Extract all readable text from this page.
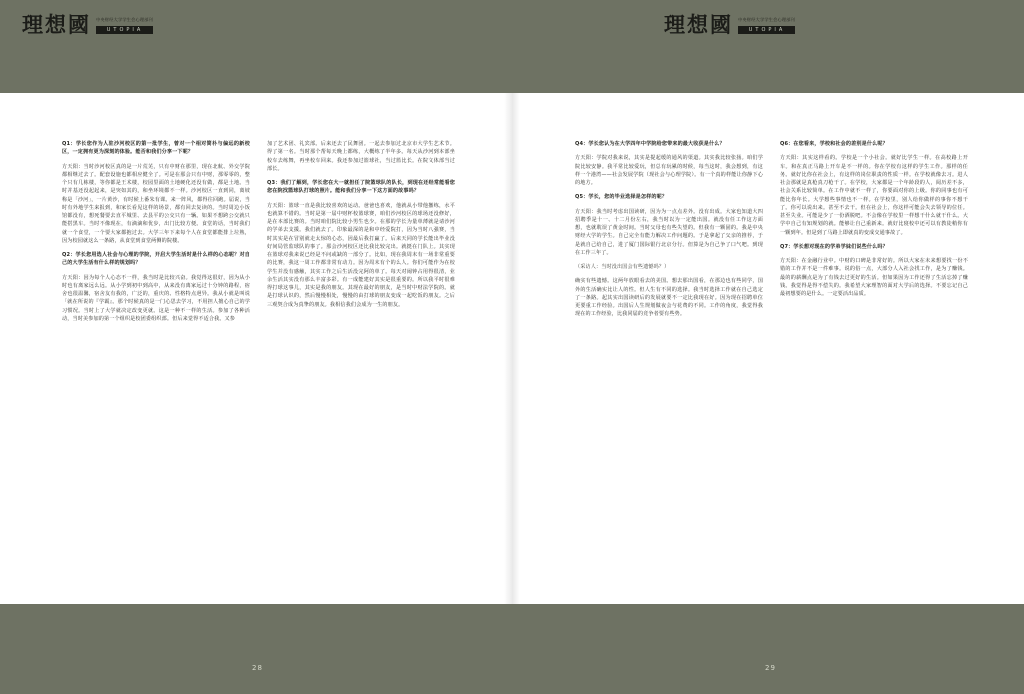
理想國 中央财经大学学生会心理部刊
UTOPIA	理想國 中央财经大学学生会心理部刊
UTOPIA

Q1：学长您作为人驻沙河校区的第一批学生，曾对一个相对简朴与偏远的新校区，一定拥有更为深刻的体验。能否和我们分享一下呢？

方天阳：当时沙河校区真的是一片荒芜，只有中财在那里，现在北航、外交学院都相继过去了。配套设施也都相应健全了。可是在那会只有中财，那零零的，整个只有几栋楼，等你都是王术楼，校园里面的土地硬化还没有做，都是土地。当时并基还没起起来，是突如其的，和坐环境都不一样。沙河校区一直到同，离坡称是「沙河」，一片黄沙，有时候上番朱有课。来一阵风，都得往回跑。届说，当时有外地学生来报到，和家长看见这样的场景，都有回去复读的。当时周边小饭馆都没有，想死餐要去直平城里、去县平的公交只有一辆。如果不想跨公交就只能搭黑车。当时不像现在，有滴滴和优步，出门比较方便。食堂的话，当时我们就一个食堂，一个要大家都抱过去。大学三年下来每个人在食堂都能排上垃熟，因为校园就这么一条路，从食堂到食堂两侧的院楼。

Q2：学长您用选人社会与心理的学院，开启大学生活时是什么样的心态呢？对自己的大学生活有什么样的规划吗？

方天阳：因为每个人心态不一样，我当时是比较兴奋。我觉得这很好，因为从小时也有离家远么远。从小学到初中到高中，从来没有离家远过十分钟的路程，宿舍也很温馨，宿舍友有我的，广泛的，重庆的、性格特点迥异。我从小就是叫说「就在所说的『学霸』。那个时候真的是一门心思去学习，不用担人擅心自己的学习惯况。当时上了大学就决定改变更就。这是一种不一样的生活。参加了各种活动，当时美参加的第一个组织是校团委组织部。但后来觉得不适合我。又参

加了艺术团、礼宾部。后来还去了民舞团。一起去参加过北京市大学生艺术节。得了第一名。当时那个帮每天晚上都练，大概练了半年多。每天从沙河到本部坐校车去练舞，再坐校车回来。我还参加过篮球社，当过篮比长。在院文体部当过部长。

Q3：我们了解到，学长您在大一就担任了院篮球队的队长，到现在还经常能看您您在院找篮球队打球的照片。能和我们分享一下这方面的故事吗？

方天阳：篮球一直是我比较喜欢的运动。爸爸也喜欢，他就从小带他撤练，水平也就算不错的。当时是第一届中财杯校篮球赛，咱们沙河校区的球场还没修好，是在本部比赛的。当时咱们院比较小男生也少。在那的学长为量单薄就是请沙河的学弟去支援。我们就去了。印象最深的是和中经爱院打，因为当时八强赛，当时其实是在冒别就走太惊的心态，因最后我打赢了。后来天同的学长能出毕业没好间局管监球队的事了。那会沙河校区还比我比较完出。就挺在门队上。其实现在篮球对我来说已经是不问或缺的一部分了。比如，现在我周末有一场非常重要的比赛，我这一周工作都非常有动力。因为周末有个的么人。你们可能作为在校学生并没有感触，其实工作之后生活没完阿的单了。每天对闹钟占用得很清，业余生活其实没有那么丰富多彩。有一成能建好其实是很重要的。所以我平时很难得打球这事儿，其实是我的朋友。其现在最好的朋友，是当时中财法学院的。就是打球认识的，然后慢慢相处，慢慢的由打球的朋友变成一起吃饭的朋友。之后三观契合成为真挚的朋友。我相信我们会成为一生的朋友。

Q4：学长您认为在大学四年中学院给您带来的最大收获是什么？

方天阳：学院对我来说，其实是提起缓的通风的渠道。其实我比较张扬。咱们学院比较安静。我平常比较爱玩，但总有玩累的时候，每当这时，我会想到，有这样一个港湾——社会发展学院（现社会与心理学院）。有一个真的样能让你静下心的地方。

Q5：学长，您的毕业选择是怎样的呢？

方天阳：我当时考虑出国读研，因为为一点点差外。没有出成。大家也知道大四招聘季是十一、十二月份左右，我当时以为一定能出国。就没有任工作这方面想，也就耽误了黄金时间。当时父母也有些失望的。但我有一颗固的。我是中央财经大学的学生。自己完全有能力解决工作问题的。于是拿起了父亲的推荐，于是就自己给自己，进了厦门国际银行北京分行。但算是为自己争了口气吧。到现在工作三年了。

（采访人：当时没出国会有些遗憾吗？）

确实有些遗憾。这两年放眼看去的美国。想去那出国看，在那边也有些同学，国外的生活确实比让人的性。但人生有不同的选择。我当时选择工作就在自己选定了一条路。起其实出国读研后的发展就要不一定比我现在好。因为现在招聘单位更要重工作经验。出国后人生规划做夜会与花费的不同。工作的角度，我觉得我现在的工作经验，比我同届的竞争者要有些势。

Q6：在您看来，学校和社会的差别是什么呢？

方天阳：其实这样看的。学校是一个小社会。就好比学生一样。在高校路上开车。和在真正马路上开车是不一样的。你在学校有这样的学生工作。那样的任务。就好比你在社会上，有这样的岗位职责的性质一样。在学校就像去习。进人社会那就是真枪真刀枪干了。在学校，大家都是一个年龄段的人，阅历差不多，社会关系比较简单。在工作中就不一样了，你要面对你的上级。你的同事也有可能比你年长。大学想些事情也不一样。在学校里，别人给你做样的事你不想干了。你可以说出来。甚至不去干。但在社会上，你这样可能会失去领导的位任。甚至失业。可能是少了一份酒脱吧。不会像在学校里一样想干什么就干什么。大学中自己有知规划的就。能够让自己重新来。就好比寝校中还可以有教徒稍你有一颗到年。但是到了马路上即就真的变成交通事故了。

Q7：学长想对现在的学弟学妹们说些什么吗？

方天阳：在金融行业中。中财的口碑是非常好的。所以大家在未来想要找一份不错的工作并不是一件难事。说的俗一点，大部分人入社会找工作，是为了赚钱。最的的薪酬点是为了有钱去过更好的生活。但如果因为工作还得了生活忘掉了赚钱。我觉得是得不偿失的。我希望大家理智的面对大学后的选择。不要忘记自己最初想要的是什么。一定要活出品质。

28	29
